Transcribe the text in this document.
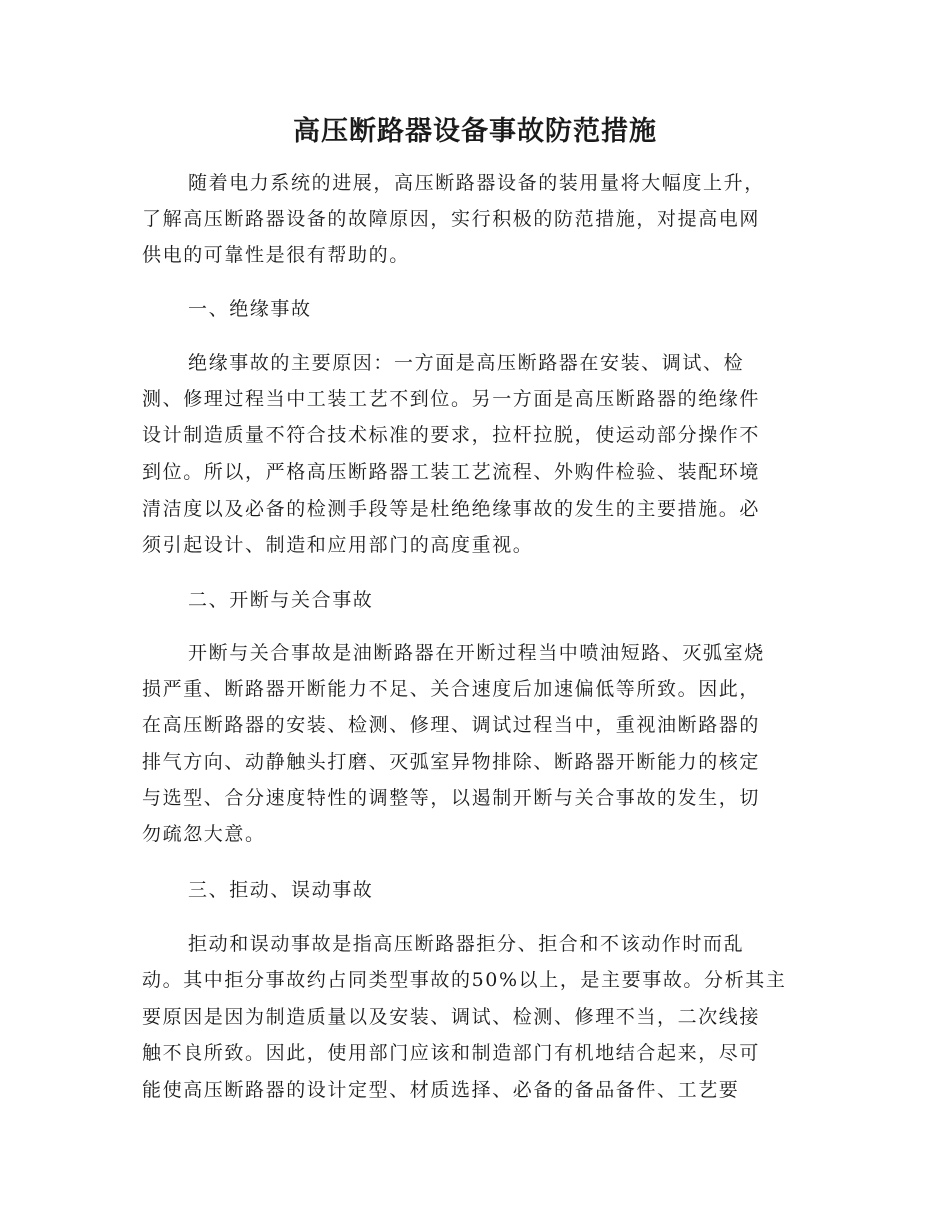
高压断路器设备事故防范措施
随着电力系统的进展，高压断路器设备的装用量将大幅度上升，
了解高压断路器设备的故障原因，实行积极的防范措施，对提高电网
供电的可靠性是很有帮助的。
一、绝缘事故
绝缘事故的主要原因：一方面是高压断路器在安装、调试、检
测、修理过程当中工装工艺不到位。另一方面是高压断路器的绝缘件
设计制造质量不符合技术标准的要求，拉杆拉脱，使运动部分操作不
到位。所以，严格高压断路器工装工艺流程、外购件检验、装配环境
清洁度以及必备的检测手段等是杜绝绝缘事故的发生的主要措施。必
须引起设计、制造和应用部门的高度重视。
二、开断与关合事故
开断与关合事故是油断路器在开断过程当中喷油短路、灭弧室烧
损严重、断路器开断能力不足、关合速度后加速偏低等所致。因此，
在高压断路器的安装、检测、修理、调试过程当中，重视油断路器的
排气方向、动静触头打磨、灭弧室异物排除、断路器开断能力的核定
与选型、合分速度特性的调整等，以遏制开断与关合事故的发生，切
勿疏忽大意。
三、拒动、误动事故
拒动和误动事故是指高压断路器拒分、拒合和不该动作时而乱
动。其中拒分事故约占同类型事故的50%以上，是主要事故。分析其主
要原因是因为制造质量以及安装、调试、检测、修理不当，二次线接
触不良所致。因此，使用部门应该和制造部门有机地结合起来，尽可
能使高压断路器的设计定型、材质选择、必备的备品备件、工艺要
